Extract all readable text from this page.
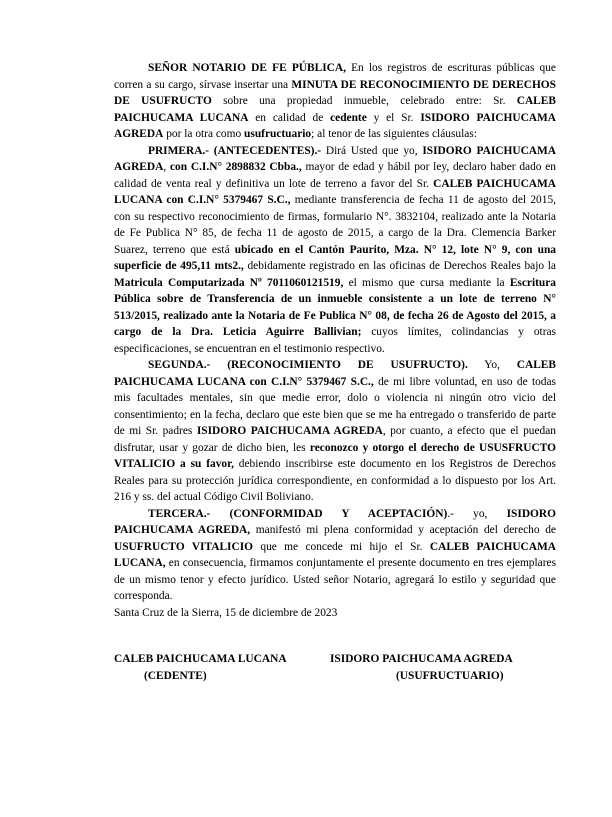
SEÑOR NOTARIO DE FE PÚBLICA, En los registros de escrituras públicas que corren a su cargo, sírvase insertar una MINUTA DE RECONOCIMIENTO DE DERECHOS DE USUFRUCTO sobre una propiedad inmueble, celebrado entre: Sr. CALEB PAICHUCAMA LUCANA en calidad de cedente y el Sr. ISIDORO PAICHUCAMA AGREDA por la otra como usufructuario; al tenor de las siguientes cláusulas:

PRIMERA.- (ANTECEDENTES).- Dirá Usted que yo, ISIDORO PAICHUCAMA AGREDA, con C.I.N° 2898832 Cbba., mayor de edad y hábil por ley, declaro haber dado en calidad de venta real y definitiva un lote de terreno a favor del Sr. CALEB PAICHUCAMA LUCANA con C.I.N° 5379467 S.C., mediante transferencia de fecha 11 de agosto del 2015, con su respectivo reconocimiento de firmas, formulario N°. 3832104, realizado ante la Notaria de Fe Publica N° 85, de fecha 11 de agosto de 2015, a cargo de la Dra. Clemencia Barker Suarez, terreno que está ubicado en el Cantón Paurito, Mza. N° 12, lote N° 9, con una superficie de 495,11 mts2., debidamente registrado en las oficinas de Derechos Reales bajo la Matricula Computarizada Nº 7011060121519, el mismo que cursa mediante la Escritura Pública sobre de Transferencia de un inmueble consistente a un lote de terreno N° 513/2015, realizado ante la Notaria de Fe Publica N° 08, de fecha 26 de Agosto del 2015, a cargo de la Dra. Leticia Aguirre Ballivian; cuyos límites, colindancias y otras especificaciones, se encuentran en el testimonio respectivo.

SEGUNDA.- (RECONOCIMIENTO DE USUFRUCTO). Yo, CALEB PAICHUCAMA LUCANA con C.I.N° 5379467 S.C., de mi libre voluntad, en uso de todas mis facultades mentales, sin que medie error, dolo o violencia ni ningún otro vicio del consentimiento; en la fecha, declaro que este bien que se me ha entregado o transferido de parte de mi Sr. padres ISIDORO PAICHUCAMA AGREDA, por cuanto, a efecto que el puedan disfrutar, usar y gozar de dicho bien, les reconozco y otorgo el derecho de USUSFRUCTO VITALICIO a su favor, debiendo inscribirse este documento en los Registros de Derechos Reales para su protección jurídica correspondiente, en conformidad a lo dispuesto por los Art. 216 y ss. del actual Código Civil Boliviano.

TERCERA.- (CONFORMIDAD Y ACEPTACIÓN).- yo, ISIDORO PAICHUCAMA AGREDA, manifestó mi plena conformidad y aceptación del derecho de USUFRUCTO VITALICIO que me concede mi hijo el Sr. CALEB PAICHUCAMA LUCANA, en consecuencia, firmamos conjuntamente el presente documento en tres ejemplares de un mismo tenor y efecto jurídico. Usted señor Notario, agregará lo estilo y seguridad que corresponda.

Santa Cruz de la Sierra, 15 de diciembre de 2023

CALEB PAICHUCAMA LUCANA
(CEDENTE)
ISIDORO PAICHUCAMA AGREDA
(USUFRUCTUARIO)
